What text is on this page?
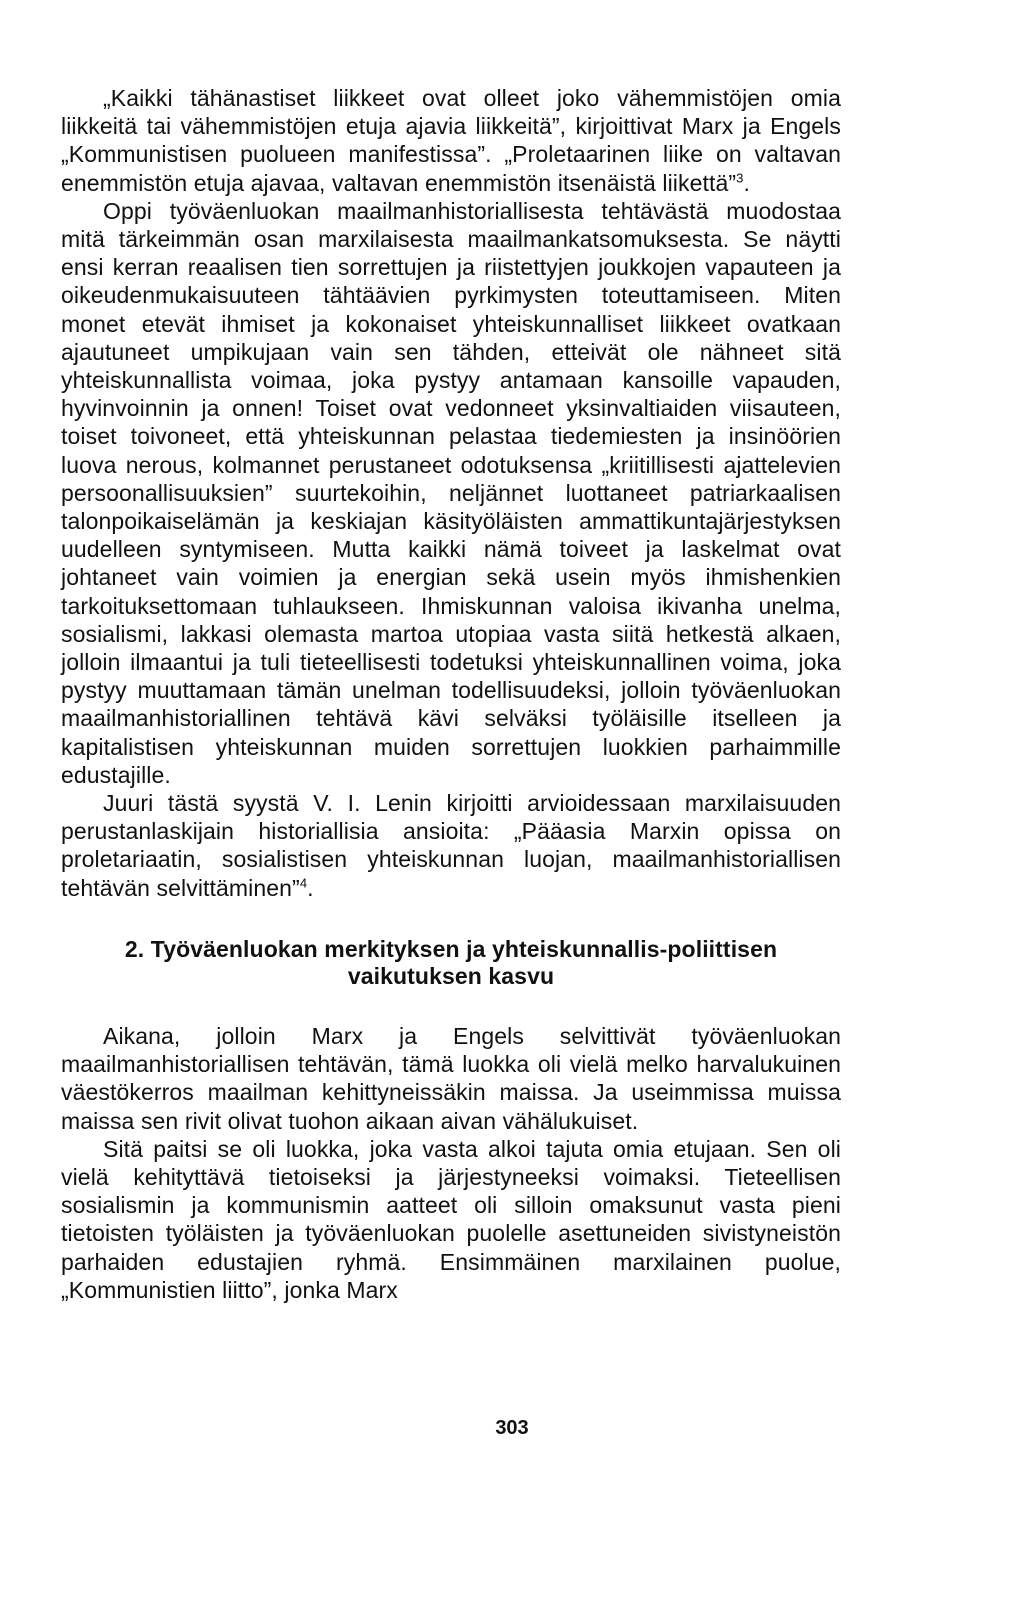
„Kaikki tähänastiset liikkeet ovat olleet joko vähemmistöjen omia liikkeitä tai vähemmistöjen etuja ajavia liikkeitä”, kirjoittivat Marx ja Engels „Kommunistisen puolueen manifestissa”. „Proletaarinen liike on valtavan enemmistön etuja ajavaa, valtavan enemmistön itsenäistä liikettä”$^3$.

Oppi työväenluokan maailmanhistoriallisesta tehtävästä muodostaa mitä tärkeimmän osan marxilaisesta maailmankatsomuksesta. Se näytti ensi kerran reaalisen tien sorrettujen ja riistettyjen joukkojen vapauteen ja oikeudenmukaisuuteen tähtäävien pyrkimysten toteuttamiseen. Miten monet etevät ihmiset ja kokonaiset yhteiskunnalliset liikkeet ovatkaan ajautuneet umpikujaan vain sen tähden, etteivät ole nähneet sitä yhteiskunnallista voimaa, joka pystyy antamaan kansoille vapauden, hyvinvoinnin ja onnen! Toiset ovat vedonneet yksinvaltiaiden viisauteen, toiset toivoneet, että yhteiskunnan pelastaa tiedemiesten ja insinöörien luova nerous, kolmannet perustaneet odotuksensa „kriitillisesti ajattelevien persoonallisuuksien” suurtekoihin, neljännet luottaneet patriarkaalisen talonpoikaiselämän ja keskiajan käsityöläisten ammattikuntajärjestyksen uudelleen syntymiseen. Mutta kaikki nämä toiveet ja laskelmat ovat johtaneet vain voimien ja energian sekä usein myös ihmishenkien tarkoituksettomaan tuhlaukseen. Ihmiskunnan valoisa ikivanha unelma, sosialismi, lakkasi olemasta martoa utopiaa vasta siitä hetkestä alkaen, jolloin ilmaantui ja tuli tieteellisesti todetuksi yhteiskunnallinen voima, joka pystyy muuttamaan tämän unelman todellisuudeksi, jolloin työväenluokan maailmanhistoriallinen tehtävä kävi selväksi työläisille itselleen ja kapitalistisen yhteiskunnan muiden sorrettujen luokkien parhaimmille edustajille.

Juuri tästä syystä V. I. Lenin kirjoitti arvioidessaan marxilaisuuden perustanlaskijain historiallisia ansioita: „Pääasia Marxin opissa on proletariaatin, sosialistisen yhteiskunnan luojan, maailmanhistoriallisen tehtävän selvittäminen”$^4$.

2. Työväenluokan merkityksen ja yhteiskunnallis-poliittisen vaikutuksen kasvu

Aikana, jolloin Marx ja Engels selvittivät työväenluokan maailmanhistoriallisen tehtävän, tämä luokka oli vielä melko harvalukuinen väestökerros maailman kehittyneissäkin maissa. Ja useimmissa muissa maissa sen rivit olivat tuohon aikaan aivan vähälukuiset.

Sitä paitsi se oli luokka, joka vasta alkoi tajuta omia etujaan. Sen oli vielä kehityttävä tietoiseksi ja järjestyneeksi voimaksi. Tieteellisen sosialismin ja kommunismin aatteet oli silloin omaksunut vasta pieni tietoisten työläisten ja työväenluokan puolelle asettuneiden sivistyneistön parhaiden edustajien ryhmä. Ensimmäinen marxilainen puolue, „Kommunistien liitto”, jonka Marx

303
